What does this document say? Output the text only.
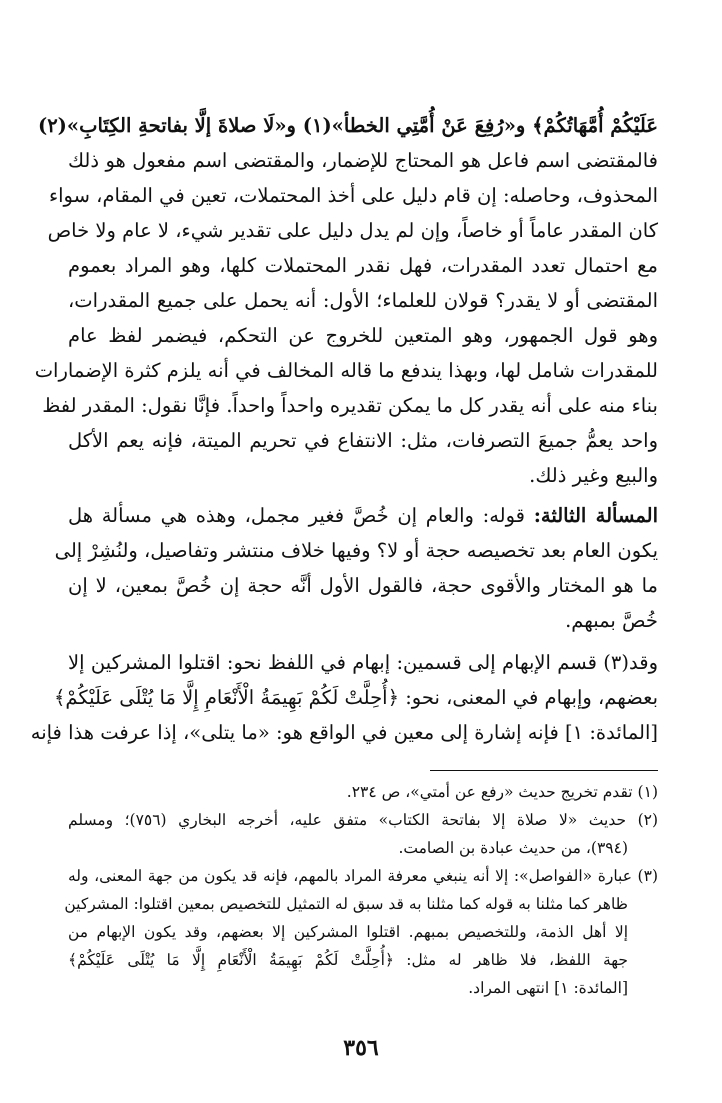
عَلَيْكُمْ أُمَّهَاتُكُمْ﴾ و«رُفِعَ عَنْ أُمَّتِي الخطأ»(١) و«لَا صلاةَ إلَّا بفاتحةِ الكِتَابِ»(٢)
فالمقتضى اسم فاعل هو المحتاج للإضمار، والمقتضى اسم مفعول هو ذلك
المحذوف، وحاصله: إن قام دليل على أخذ المحتملات، تعين في المقام، سواء
كان المقدر عاماً أو خاصاً، وإن لم يدل دليل على تقدير شيء، لا عام ولا خاص
مع احتمال تعدد المقدرات، فهل نقدر المحتملات كلها، وهو المراد بعموم
المقتضى أو لا يقدر؟ قولان للعلماء؛ الأول: أنه يحمل على جميع المقدرات،
وهو قول الجمهور، وهو المتعين للخروج عن التحكم، فيضمر لفظ عام
للمقدرات شامل لها، وبهذا يندفع ما قاله المخالف في أنه يلزم كثرة الإضمارات
بناء منه على أنه يقدر كل ما يمكن تقديره واحداً واحداً. فإنَّا نقول: المقدر لفظ
واحد يعمُّ جميعَ التصرفات، مثل: الانتفاع في تحريم الميتة، فإنه يعم الأكل
والبيع وغير ذلك.
المسألة الثالثة: قوله: والعام إن خُصَّ فغير مجمل، وهذه هي مسألة هل
يكون العام بعد تخصيصه حجة أو لا؟ وفيها خلاف منتشر وتفاصيل، ولنُشِرْ إلى
ما هو المختار والأقوى حجة، فالقول الأول أنَّه حجة إن خُصَّ بمعين، لا إن
خُصَّ بمبهم.
وقد(٣) قسم الإبهام إلى قسمين: إبهام في اللفظ نحو: اقتلوا المشركين إلا
بعضهم، وإبهام في المعنى، نحو: ﴿أُحِلَّتْ لَكُمْ بَهِيمَةُ الْأَنْعَامِ إِلَّا مَا يُتْلَى عَلَيْكُمْ﴾
[المائدة: ١] فإنه إشارة إلى معين في الواقع هو: «ما يتلى»، إذا عرفت هذا فإنه
(١) تقدم تخريج حديث «رفع عن أمتي»، ص ٢٣٤.
(٢) حديث «لا صلاة إلا بفاتحة الكتاب» متفق عليه، أخرجه البخاري (٧٥٦)؛ ومسلم
(٣٩٤)، من حديث عبادة بن الصامت.
(٣) عبارة «الفواصل»: إلا أنه ينبغي معرفة المراد بالمهم، فإنه قد يكون من جهة المعنى، وله
ظاهر كما مثلنا به قوله كما مثلنا به قد سبق له التمثيل للتخصيص بمعين اقتلوا: المشركين
إلا أهل الذمة، وللتخصيص بمبهم. اقتلوا المشركين إلا بعضهم، وقد يكون الإبهام من
جهة اللفظ، فلا ظاهر له مثل: ﴿أُحِلَّتْ لَكُمْ بَهِيمَةُ الْأَنْعَامِ إِلَّا مَا يُتْلَى عَلَيْكُمْ﴾
[المائدة: ١] انتهى المراد.
٣٥٦
